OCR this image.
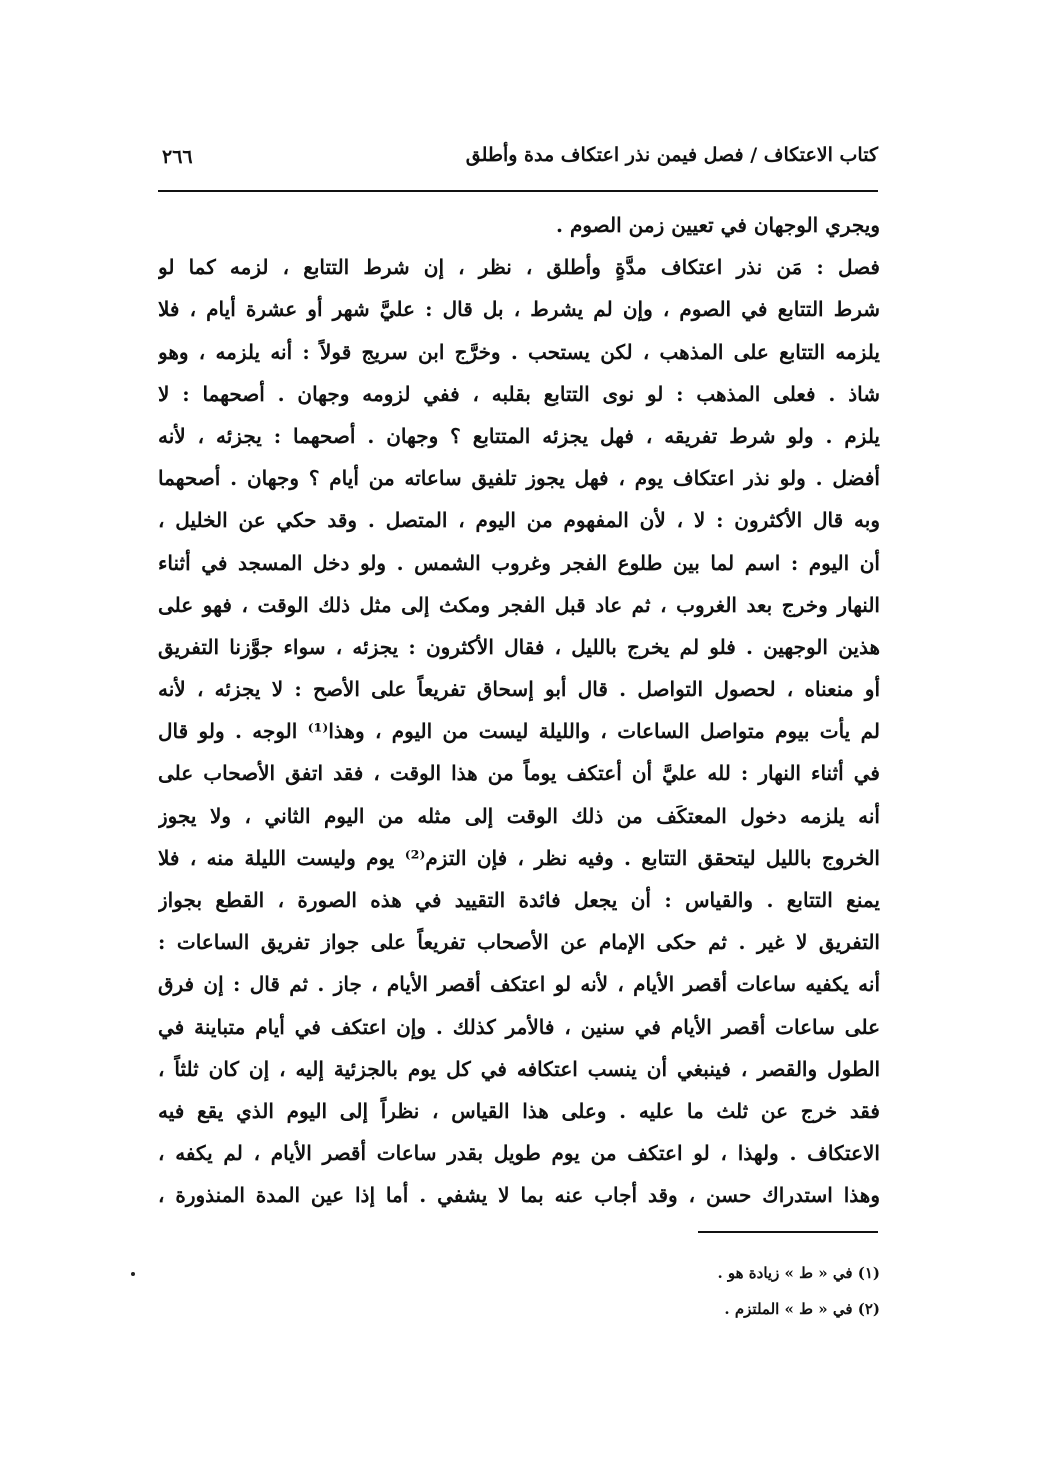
كتاب الاعتكاف / فصل فيمن نذر اعتكاف مدة وأطلق
٢٦٦
ويجري الوجهان في تعيين زمن الصوم .
فصل : مَن نذر اعتكاف مدَّةٍ وأطلق ، نظر ، إن شرط التتابع ، لزمه كما لو
شرط التتابع في الصوم ، وإن لم يشرط ، بل قال : عليَّ شهر أو عشرة أيام ، فلا
يلزمه التتابع على المذهب ، لكن يستحب . وخرَّج ابن سريج قولاً : أنه يلزمه ، وهو
شاذ . فعلى المذهب : لو نوى التتابع بقلبه ، ففي لزومه وجهان . أصحهما : لا
يلزم . ولو شرط تفريقه ، فهل يجزئه المتتابع ؟ وجهان . أصحهما : يجزئه ، لأنه
أفضل . ولو نذر اعتكاف يوم ، فهل يجوز تلفيق ساعاته من أيام ؟ وجهان . أصحهما
وبه قال الأكثرون : لا ، لأن المفهوم من اليوم ، المتصل . وقد حكي عن الخليل ،
أن اليوم : اسم لما بين طلوع الفجر وغروب الشمس . ولو دخل المسجد في أثناء
النهار وخرج بعد الغروب ، ثم عاد قبل الفجر ومكث إلى مثل ذلك الوقت ، فهو على
هذين الوجهين . فلو لم يخرج بالليل ، فقال الأكثرون : يجزئه ، سواء جوَّزنا التفريق
أو منعناه ، لحصول التواصل . قال أبو إسحاق تفريعاً على الأصح : لا يجزئه ، لأنه
لم يأت بيوم متواصل الساعات ، والليلة ليست من اليوم ، وهذا⁽¹⁾ الوجه . ولو قال
في أثناء النهار : لله عليَّ أن أعتكف يوماً من هذا الوقت ، فقد اتفق الأصحاب على
أنه يلزمه دخول المعتكَف من ذلك الوقت إلى مثله من اليوم الثاني ، ولا يجوز
الخروج بالليل ليتحقق التتابع . وفيه نظر ، فإن التزم⁽²⁾ يوم وليست الليلة منه ، فلا
يمنع التتابع . والقياس : أن يجعل فائدة التقييد في هذه الصورة ، القطع بجواز
التفريق لا غير . ثم حكى الإمام عن الأصحاب تفريعاً على جواز تفريق الساعات :
أنه يكفيه ساعات أقصر الأيام ، لأنه لو اعتكف أقصر الأيام ، جاز . ثم قال : إن فرق
على ساعات أقصر الأيام في سنين ، فالأمر كذلك . وإن اعتكف في أيام متباينة في
الطول والقصر ، فينبغي أن ينسب اعتكافه في كل يوم بالجزئية إليه ، إن كان ثلثاً ،
فقد خرج عن ثلث ما عليه . وعلى هذا القياس ، نظراً إلى اليوم الذي يقع فيه
الاعتكاف . ولهذا ، لو اعتكف من يوم طويل بقدر ساعات أقصر الأيام ، لم يكفه ،
وهذا استدراك حسن ، وقد أجاب عنه بما لا يشفي . أما إذا عين المدة المنذورة ،
(١) في « ط » زيادة هو .
(٢) في « ط » الملتزم .
